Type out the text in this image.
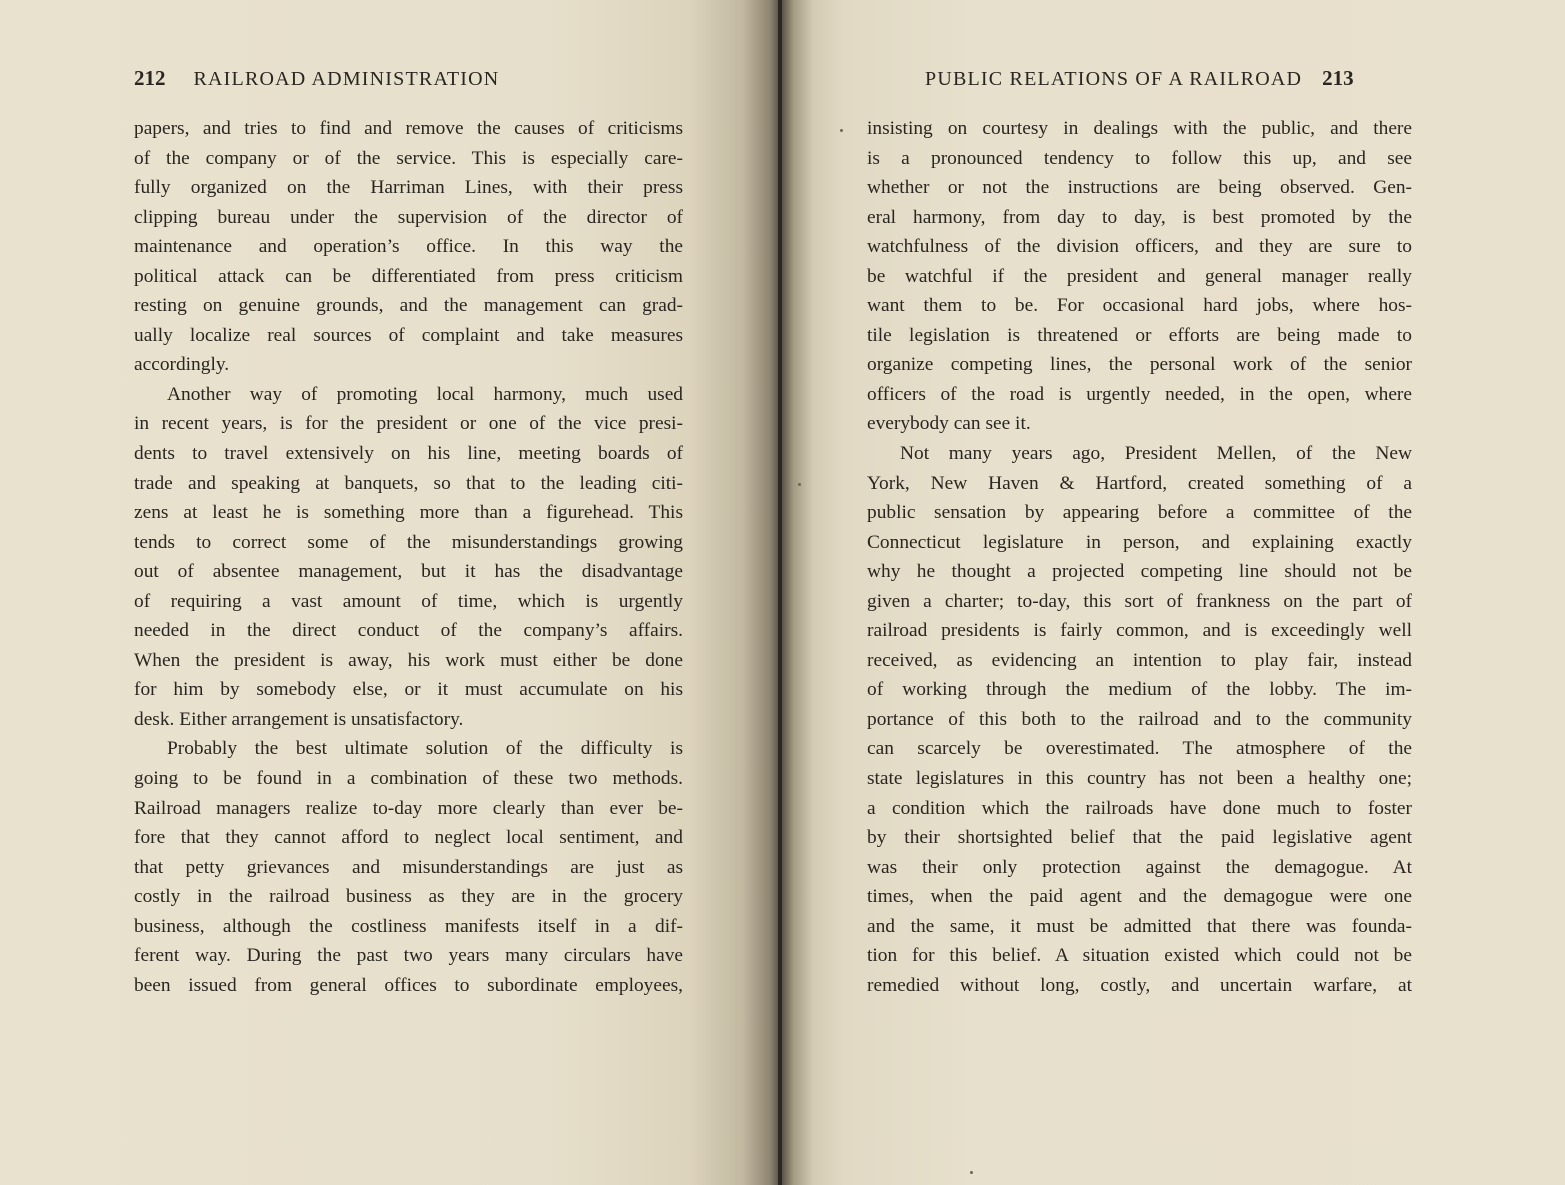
212 RAILROAD ADMINISTRATION
papers, and tries to find and remove the causes of criticisms
of the company or of the service. This is especially care-
fully organized on the Harriman Lines, with their press
clipping bureau under the supervision of the director of
maintenance and operation’s office. In this way the
political attack can be differentiated from press criticism
resting on genuine grounds, and the management can grad-
ually localize real sources of complaint and take measures
accordingly.
Another way of promoting local harmony, much used
in recent years, is for the president or one of the vice presi-
dents to travel extensively on his line, meeting boards of
trade and speaking at banquets, so that to the leading citi-
zens at least he is something more than a figurehead. This
tends to correct some of the misunderstandings growing
out of absentee management, but it has the disadvantage
of requiring a vast amount of time, which is urgently
needed in the direct conduct of the company’s affairs.
When the president is away, his work must either be done
for him by somebody else, or it must accumulate on his
desk. Either arrangement is unsatisfactory.
Probably the best ultimate solution of the difficulty is
going to be found in a combination of these two methods.
Railroad managers realize to-day more clearly than ever be-
fore that they cannot afford to neglect local sentiment, and
that petty grievances and misunderstandings are just as
costly in the railroad business as they are in the grocery
business, although the costliness manifests itself in a dif-
ferent way. During the past two years many circulars have
been issued from general offices to subordinate employees,
PUBLIC RELATIONS OF A RAILROAD 213
insisting on courtesy in dealings with the public, and there
is a pronounced tendency to follow this up, and see
whether or not the instructions are being observed. Gen-
eral harmony, from day to day, is best promoted by the
watchfulness of the division officers, and they are sure to
be watchful if the president and general manager really
want them to be. For occasional hard jobs, where hos-
tile legislation is threatened or efforts are being made to
organize competing lines, the personal work of the senior
officers of the road is urgently needed, in the open, where
everybody can see it.
Not many years ago, President Mellen, of the New
York, New Haven & Hartford, created something of a
public sensation by appearing before a committee of the
Connecticut legislature in person, and explaining exactly
why he thought a projected competing line should not be
given a charter; to-day, this sort of frankness on the part of
railroad presidents is fairly common, and is exceedingly well
received, as evidencing an intention to play fair, instead
of working through the medium of the lobby. The im-
portance of this both to the railroad and to the community
can scarcely be overestimated. The atmosphere of the
state legislatures in this country has not been a healthy one;
a condition which the railroads have done much to foster
by their shortsighted belief that the paid legislative agent
was their only protection against the demagogue. At
times, when the paid agent and the demagogue were one
and the same, it must be admitted that there was founda-
tion for this belief. A situation existed which could not be
remedied without long, costly, and uncertain warfare, at
